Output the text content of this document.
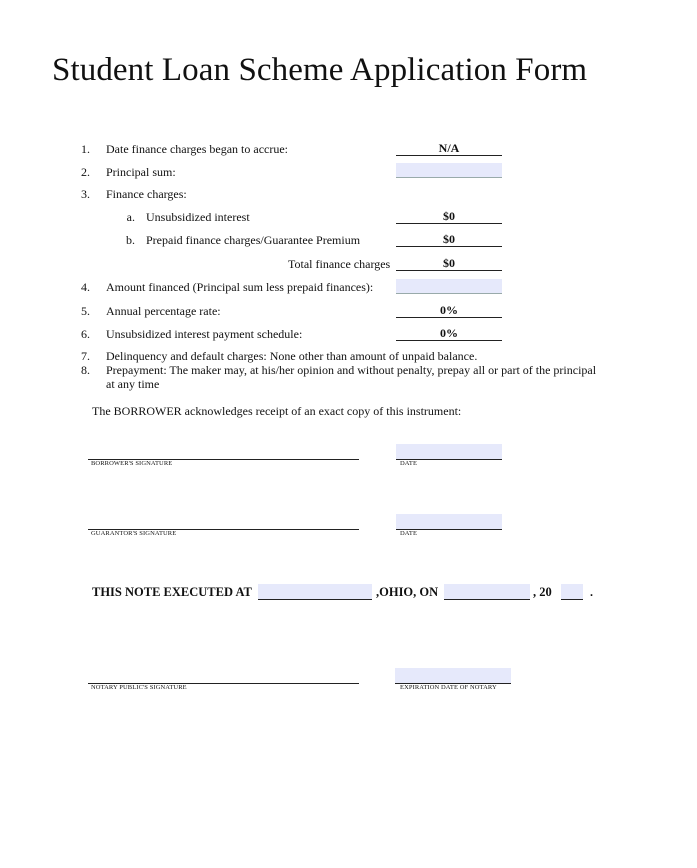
Student Loan Scheme Application Form
1. Date finance charges began to accrue:	N/A
2. Principal sum:
3. Finance charges:
a. Unsubsidized interest	$0
b. Prepaid finance charges/Guarantee Premium	$0
Total finance charges	$0
4. Amount financed (Principal sum less prepaid finances):
5. Annual percentage rate:	0%
6. Unsubsidized interest payment schedule:	0%
7. Delinquency and default charges: None other than amount of unpaid balance.
8. Prepayment: The maker may, at his/her opinion and without penalty, prepay all or part of the principal at any time
The BORROWER acknowledges receipt of an exact copy of this instrument:
BORROWER'S SIGNATURE	DATE
GUARANTOR'S SIGNATURE	DATE
THIS NOTE EXECUTED AT	,OHIO, ON	, 20	.
NOTARY PUBLIC'S SIGNATURE	EXPIRATION DATE OF NOTARY
